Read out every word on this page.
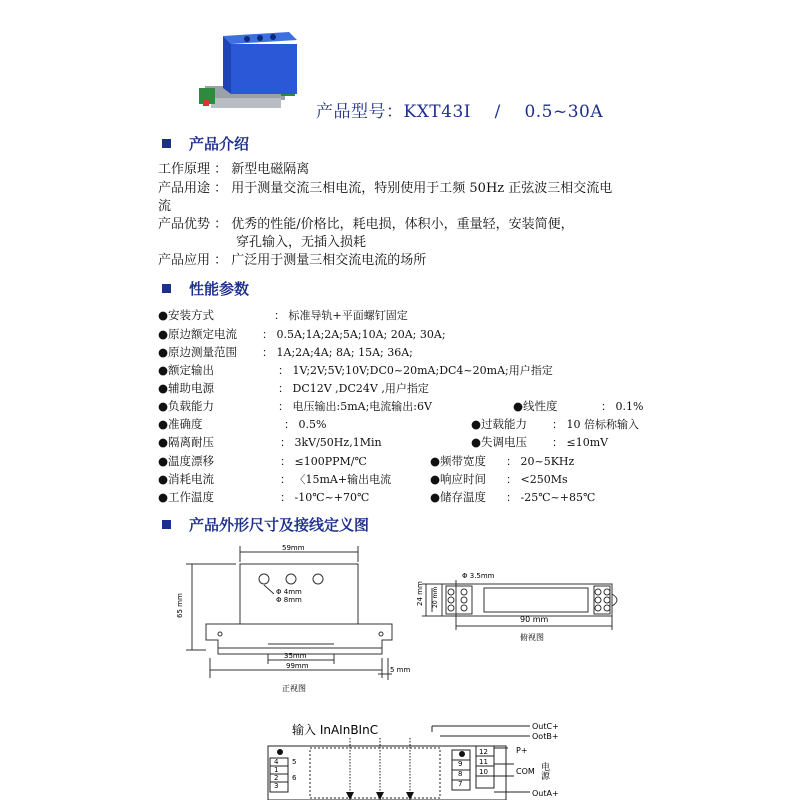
产品型号：KXT43I    /    0.5~30A
产品介绍
工作原理 ： 新型电磁隔离
产品用途 ： 用于测量交流三相电流，特别使用于工频 50Hz 正弦波三相交流电
流
产品优势 ： 优秀的性能/价格比，耗电损，体积小，重量轻，安装简便，
穿孔输入，无插入损耗
产品应用 ： 广泛用于测量三相交流电流的场所
性能参数
●安装方式	： 标准导轨+平面螺钉固定
●原边额定电流 ： 0.5A;1A;2A;5A;10A; 20A; 30A;
●原边测量范围 ： 1A;2A;4A; 8A; 15A; 36A;
●额定输出	： 1V;2V;5V;10V;DC0~20mA;DC4~20mA;用户指定
●辅助电源	： DC12V ,DC24V ,用户指定
●负载能力	： 电压输出:5mA;电流输出:6V	●线性度	： 0.1%
●准确度	： 0.5%	●过载能力 ： 10 倍标称输入
●隔离耐压	： 3kV/50Hz,1Min	●失调电压 ： ≤10mV
●温度漂移	： ≤100PPM/℃	●频带宽度 ： 20~5KHz
●消耗电流	： 〈15mA+输出电流	●响应时间 ： <250Ms
●工作温度	： -10℃~+70℃	●储存温度 ： -25℃~+85℃
产品外形尺寸及接线定义图
59mm
65 mm
Φ 4mm
Φ 8mm
35mm
99mm	5 mm
正视图
Φ 3.5mm
24 mm 20 mm
90 mm
俯视图
输入 InAInBInC	OutC+
OotB+
P+
COM 电源
OutA+
4
1
2
3
5
6
9
8
7
12
11
10
